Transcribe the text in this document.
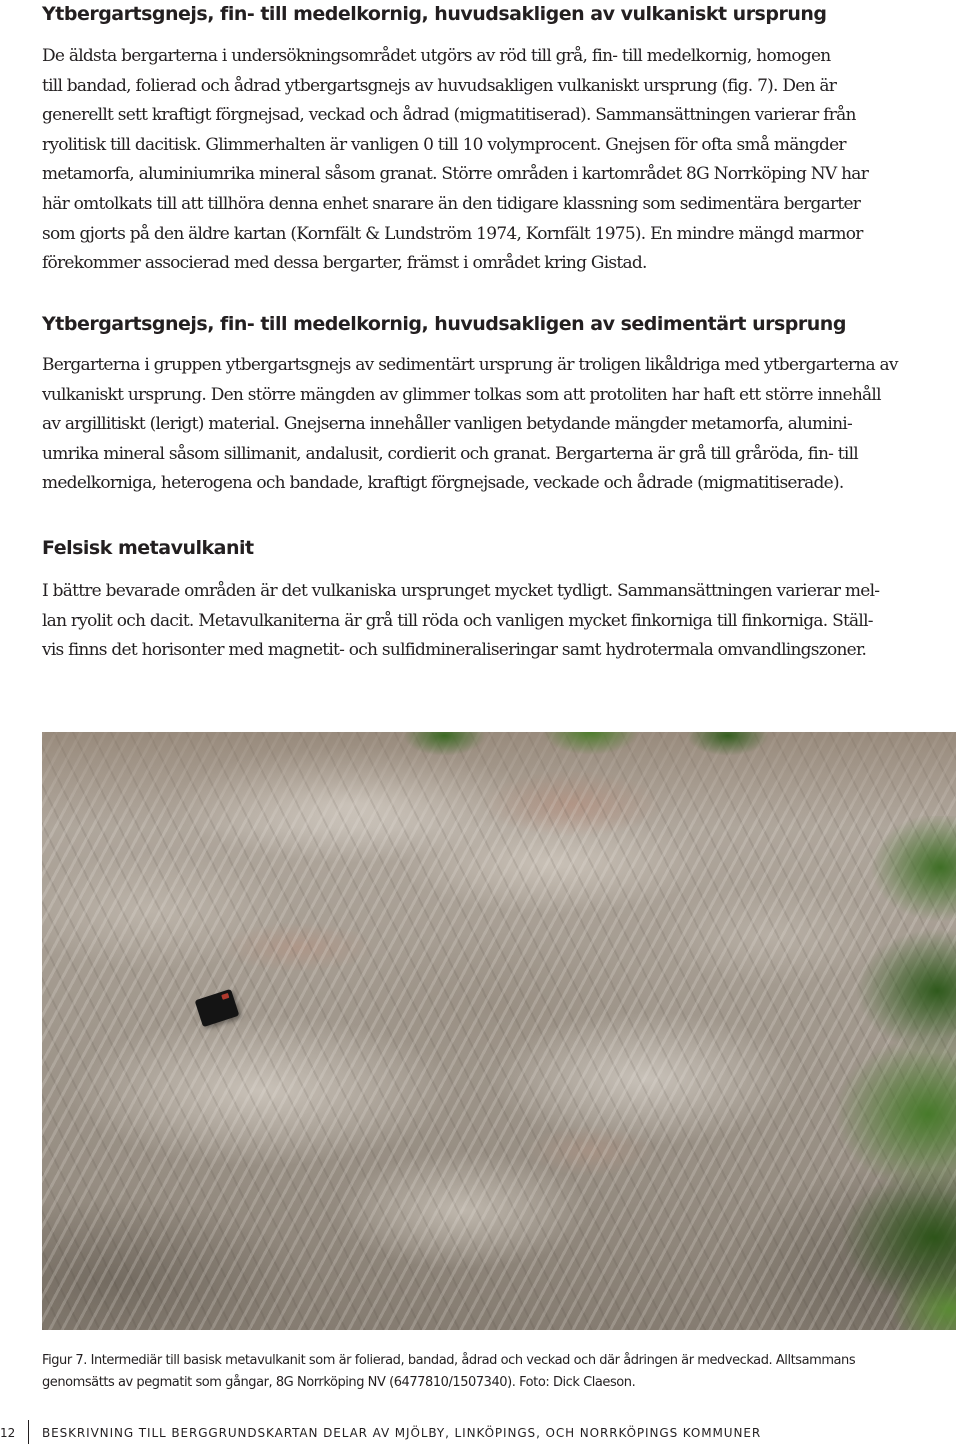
Ytbergartsgnejs, fin- till medelkornig, huvudsakligen av vulkaniskt ursprung
De äldsta bergarterna i undersökningsområdet utgörs av röd till grå, fin- till medelkornig, homogen
till bandad, folierad och ådrad ytbergartsgnejs av huvudsakligen vulkaniskt ursprung (fig. 7). Den är
generellt sett kraftigt förgnejsad, veckad och ådrad (migmatitiserad). Sammansättningen varierar från
ryolitisk till dacitisk. Glimmerhalten är vanligen 0 till 10 volymprocent. Gnejsen för ofta små mängder
metamorfa, aluminiumrika mineral såsom granat. Större områden i kartområdet 8G Norrköping NV har
här omtolkats till att tillhöra denna enhet snarare än den tidigare klassning som sedimentära bergarter
som gjorts på den äldre kartan (Kornfält & Lundström 1974, Kornfält 1975). En mindre mängd marmor
förekommer associerad med dessa bergarter, främst i området kring Gistad.
Ytbergartsgnejs, fin- till medelkornig, huvudsakligen av sedimentärt ursprung
Bergarterna i gruppen ytbergartsgnejs av sedimentärt ursprung är troligen likåldriga med ytbergarterna av
vulkaniskt ursprung. Den större mängden av glimmer tolkas som att protoliten har haft ett större innehåll
av argillitiskt (lerigt) material. Gnejserna innehåller vanligen betydande mängder metamorfa, alumini-
umrika mineral såsom sillimanit, andalusit, cordierit och granat. Bergarterna är grå till gråröda, fin- till
medelkorniga, heterogena och bandade, kraftigt förgnejsade, veckade och ådrade (migmatitiserade).
Felsisk metavulkanit
I bättre bevarade områden är det vulkaniska ursprunget mycket tydligt. Sammansättningen varierar mel-
lan ryolit och dacit. Metavulkaniterna är grå till röda och vanligen mycket finkorniga till finkorniga. Ställ-
vis finns det horisonter med magnetit- och sulfidmineraliseringar samt hydrotermala omvandlingszoner.
Figur 7. Intermediär till basisk metavulkanit som är folierad, bandad, ådrad och veckad och där ådringen är medveckad. Alltsammans
genomsätts av pegmatit som gångar, 8G Norrköping NV (6477810/1507340). Foto: Dick Claeson.

12 BESKRIVNING TILL BERGGRUNDSKARTAN DELAR AV MJÖLBY, LINKÖPINGS, OCH NORRKÖPINGS KOMMUNER
